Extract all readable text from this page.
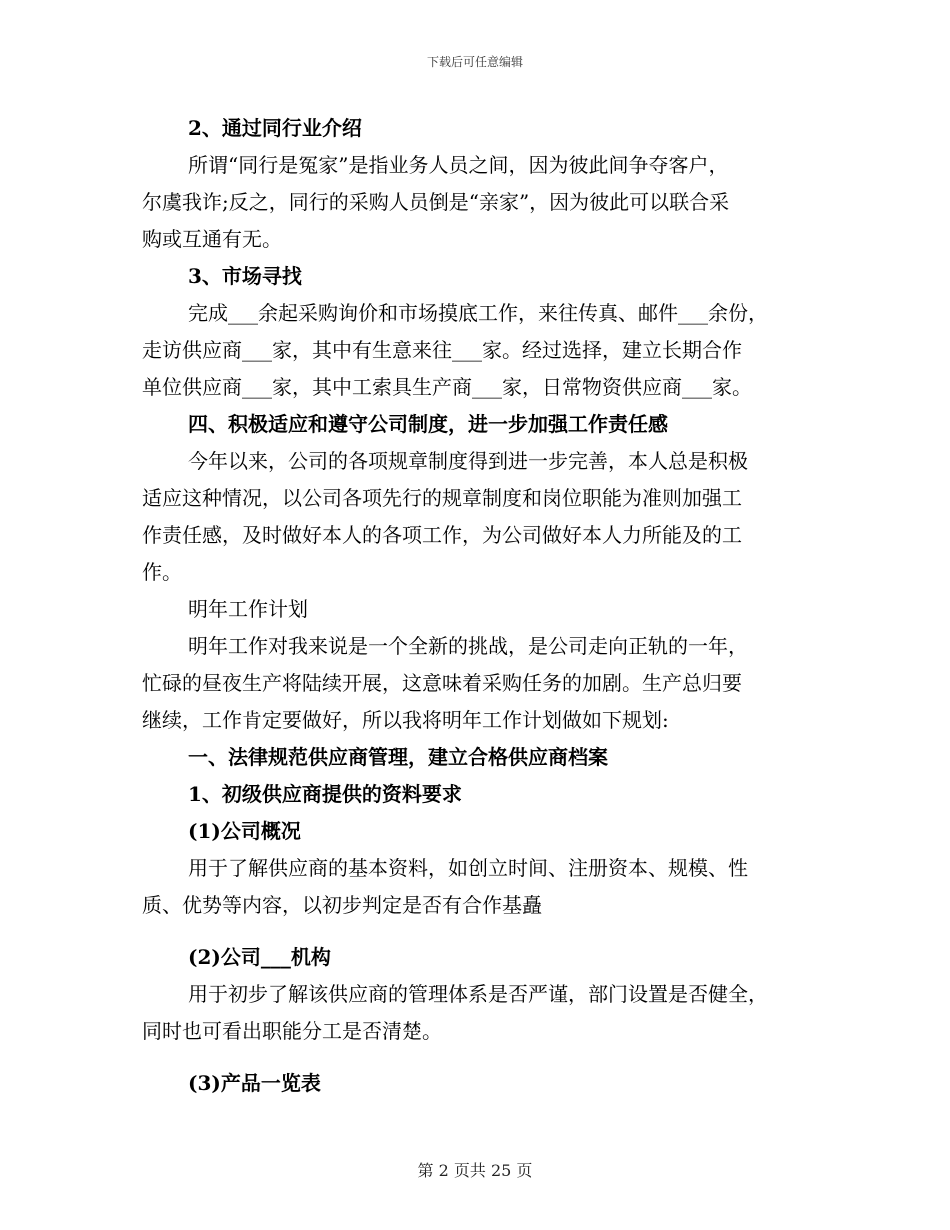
下载后可任意编辑
2、通过同行业介绍
所谓“同行是冤家”是指业务人员之间，因为彼此间争夺客户，
尔虞我诈;反之，同行的采购人员倒是“亲家”，因为彼此可以联合采
购或互通有无。
3、市场寻找
完成___余起采购询价和市场摸底工作，来往传真、邮件___余份，
走访供应商___家，其中有生意来往___家。经过选择，建立长期合作
单位供应商___家，其中工索具生产商___家，日常物资供应商___家。
四、积极适应和遵守公司制度，进一步加强工作责任感
今年以来，公司的各项规章制度得到进一步完善，本人总是积极
适应这种情况，以公司各项先行的规章制度和岗位职能为准则加强工
作责任感，及时做好本人的各项工作，为公司做好本人力所能及的工
作。
明年工作计划
明年工作对我来说是一个全新的挑战，是公司走向正轨的一年，
忙碌的昼夜生产将陆续开展，这意味着采购任务的加剧。生产总归要
继续，工作肯定要做好，所以我将明年工作计划做如下规划:
一、法律规范供应商管理，建立合格供应商档案
1、初级供应商提供的资料要求
(1)公司概况
用于了解供应商的基本资料，如创立时间、注册资本、规模、性
质、优势等内容，以初步判定是否有合作基矗
(2)公司___机构
用于初步了解该供应商的管理体系是否严谨，部门设置是否健全，
同时也可看出职能分工是否清楚。
(3)产品一览表
第 2 页共 25 页
